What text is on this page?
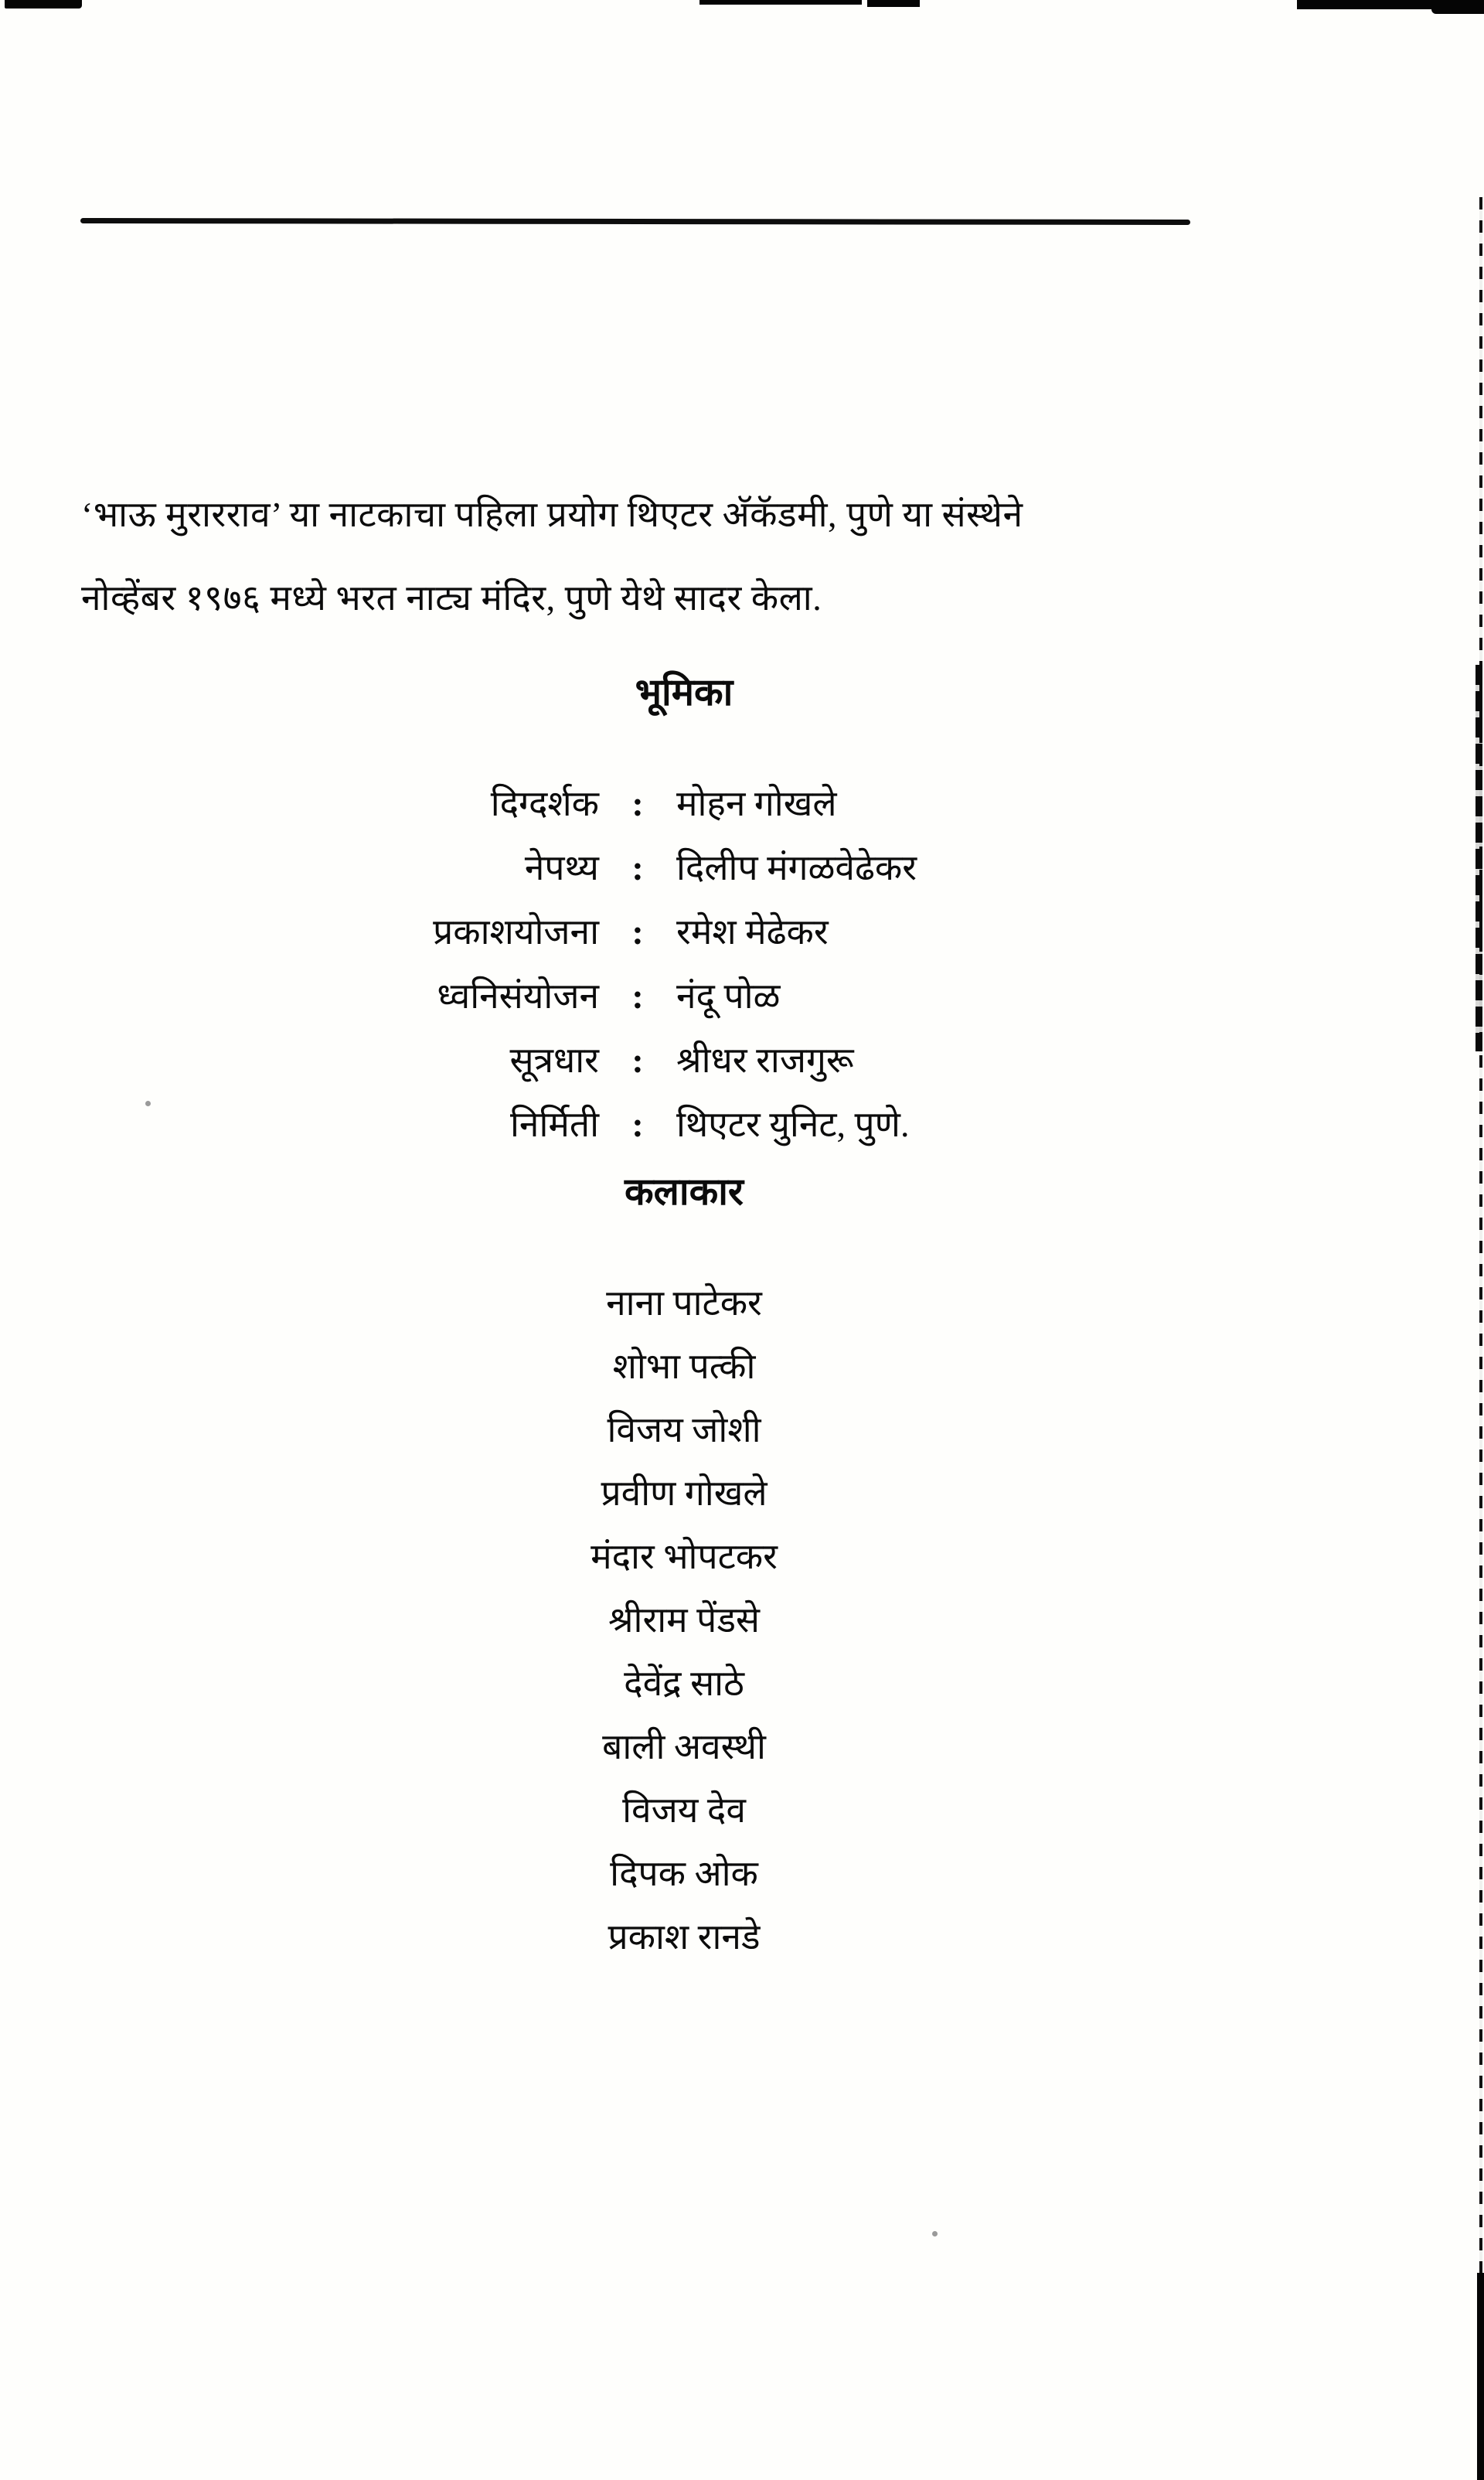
‘भाऊ मुरारराव’ या नाटकाचा पहिला प्रयोग थिएटर अ‍ॅकॅडमी, पुणे या संस्थेने
नोव्हेंबर १९७६ मध्ये भरत नाट्य मंदिर, पुणे येथे सादर केला.
भूमिका
दिग्दर्शक : मोहन गोखले
नेपथ्य : दिलीप मंगळवेढेकर
प्रकाशयोजना : रमेश मेढेकर
ध्वनिसंयोजन : नंदू पोळ
सूत्रधार : श्रीधर राजगुरू
निर्मिती : थिएटर युनिट, पुणे.
कलाकार
नाना पाटेकर
शोभा पत्की
विजय जोशी
प्रवीण गोखले
मंदार भोपटकर
श्रीराम पेंडसे
देवेंद्र साठे
बाली अवस्थी
विजय देव
दिपक ओक
प्रकाश रानडे
